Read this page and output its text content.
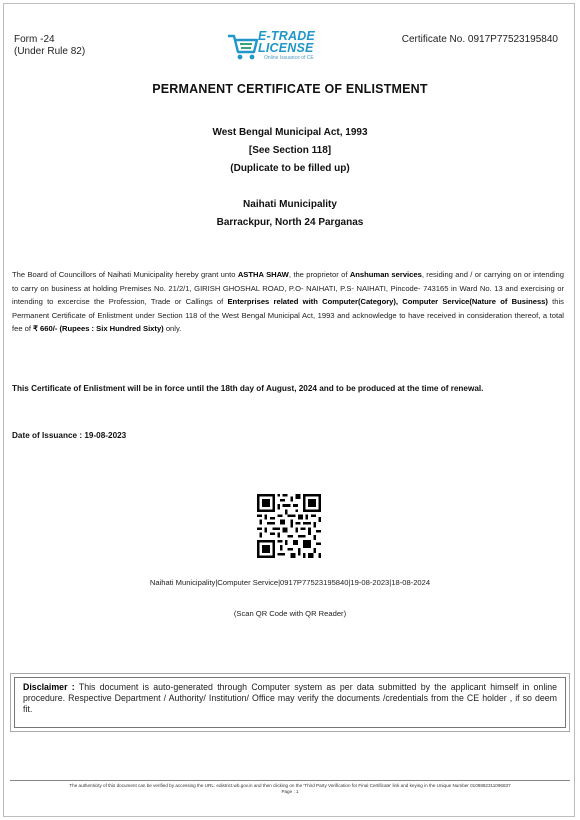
Form -24
(Under Rule 82)
E-TRADE
LICENSE
Online Issuance of CE
Certificate No. 0917P77523195840
PERMANENT CERTIFICATE OF ENLISTMENT
West Bengal Municipal Act, 1993
[See Section 118]
(Duplicate to be filled up)
Naihati Municipality
Barrackpur, North 24 Parganas
The Board of Councillors of Naihati Municipality hereby grant unto ASTHA SHAW, the proprietor of Anshuman services, residing and / or carrying on or intending to carry on business at holding Premises No. 21/2/1, GIRISH GHOSHAL ROAD, P.O- NAIHATI, P.S- NAIHATI, Pincode- 743165 in Ward No. 13 and exercising or intending to excercise the Profession, Trade or Callings of Enterprises related with Computer(Category), Computer Service(Nature of Business) this Permanent Certificate of Enlistment under Section 118 of the West Bengal Municipal Act, 1993 and acknowledge to have received in consideration thereof, a total fee of ₹ 660/- (Rupees : Six Hundred Sixty) only.
This Certificate of Enlistment will be in force until the 18th day of August, 2024 and to be produced at the time of renewal.
Date of Issuance : 19-08-2023
Naihati Municipality|Computer Service|0917P77523195840|19-08-2023|18-08-2024
(Scan QR Code with QR Reader)
Disclaimer : This document is auto-generated through Computer system as per data submitted by the applicant himself in online procedure. Respective Department / Authority/ Institution/ Office may verify the documents /credentials from the CE holder , if so deem fit.
The authenticity of this document can be verified by accessing the URL: edistrict.wb.gov.in and then clicking on the 'Third Party Verification for Final Certificate' link and keying in the Unique Number 0109882311096837
Page : 1
